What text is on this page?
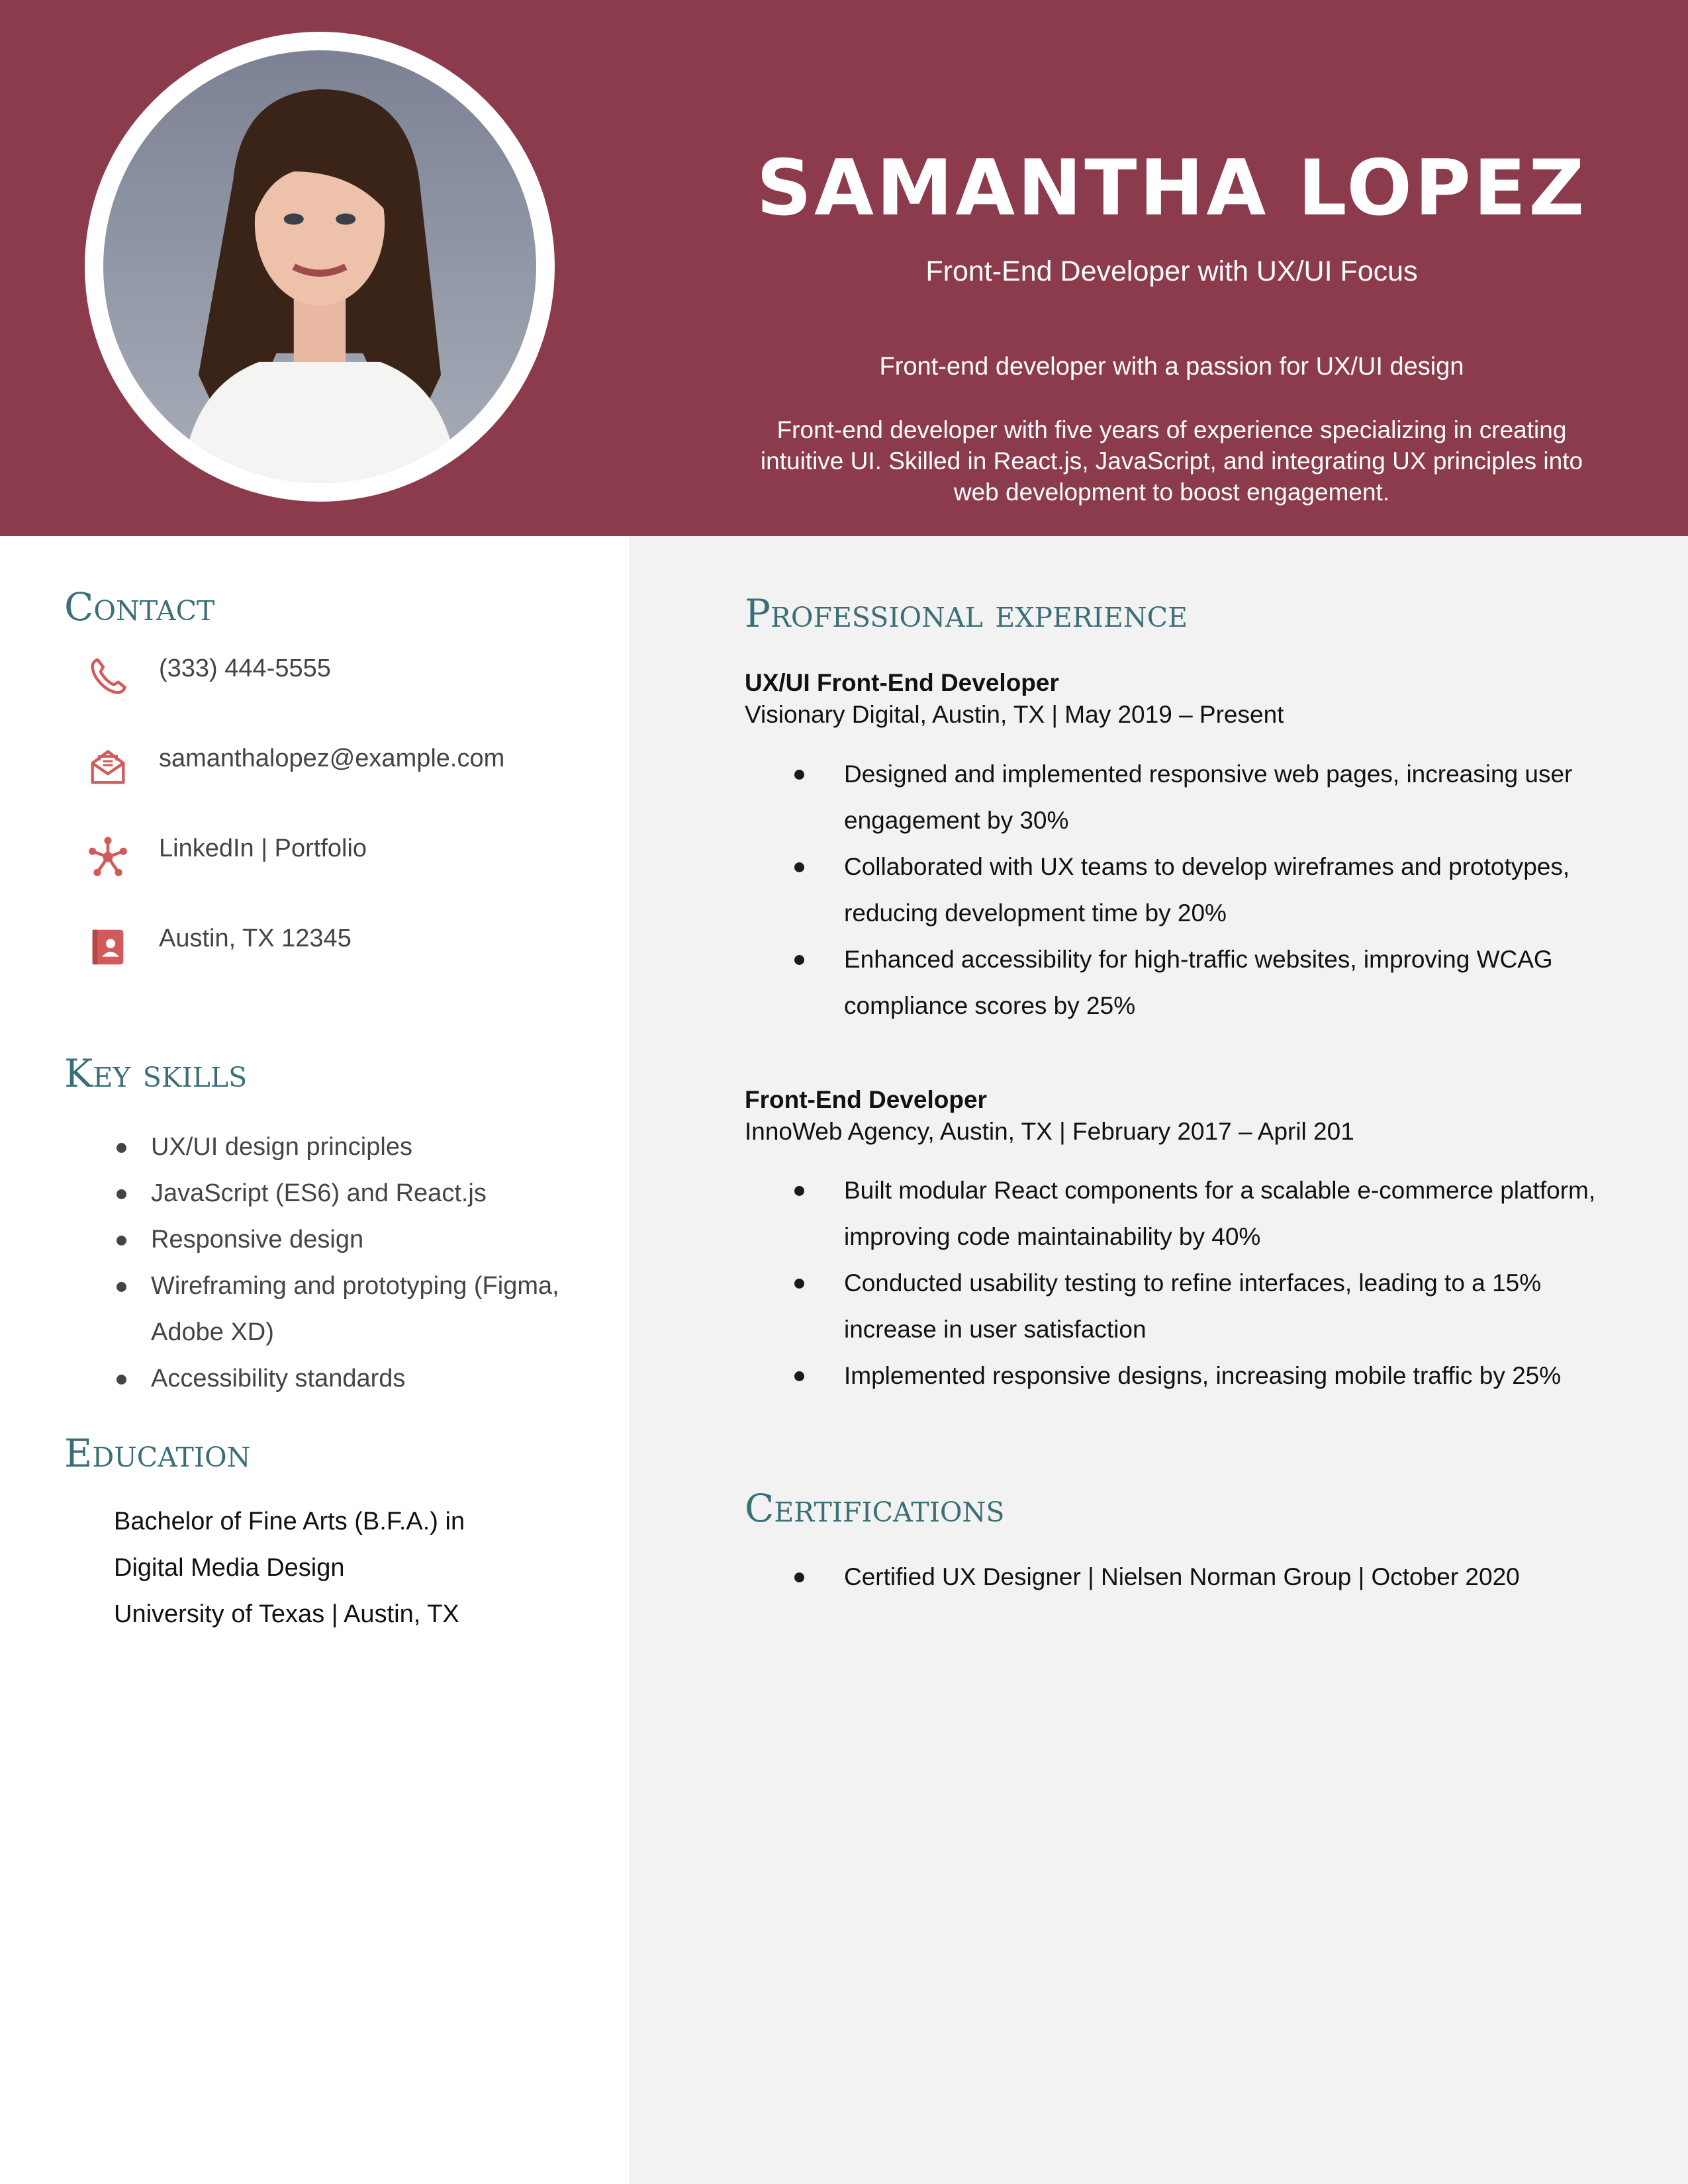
SAMANTHA LOPEZ
Front-End Developer with UX/UI Focus
Front-end developer with a passion for UX/UI design
Front-end developer with five years of experience specializing in creating intuitive UI. Skilled in React.js, JavaScript, and integrating UX principles into web development to boost engagement.
Contact
(333) 444-5555
samanthalopez@example.com
LinkedIn | Portfolio
Austin, TX 12345
Key skills
UX/UI design principles
JavaScript (ES6) and React.js
Responsive design
Wireframing and prototyping (Figma, Adobe XD)
Accessibility standards
Education
Bachelor of Fine Arts (B.F.A.) in
Digital Media Design
University of Texas | Austin, TX
Professional experience
UX/UI Front-End Developer
Visionary Digital, Austin, TX | May 2019 – Present
Designed and implemented responsive web pages, increasing user engagement by 30%
Collaborated with UX teams to develop wireframes and prototypes, reducing development time by 20%
Enhanced accessibility for high-traffic websites, improving WCAG compliance scores by 25%
Front-End Developer
InnoWeb Agency, Austin, TX | February 2017 – April 201
Built modular React components for a scalable e-commerce platform, improving code maintainability by 40%
Conducted usability testing to refine interfaces, leading to a 15% increase in user satisfaction
Implemented responsive designs, increasing mobile traffic by 25%
Certifications
Certified UX Designer | Nielsen Norman Group | October 2020
